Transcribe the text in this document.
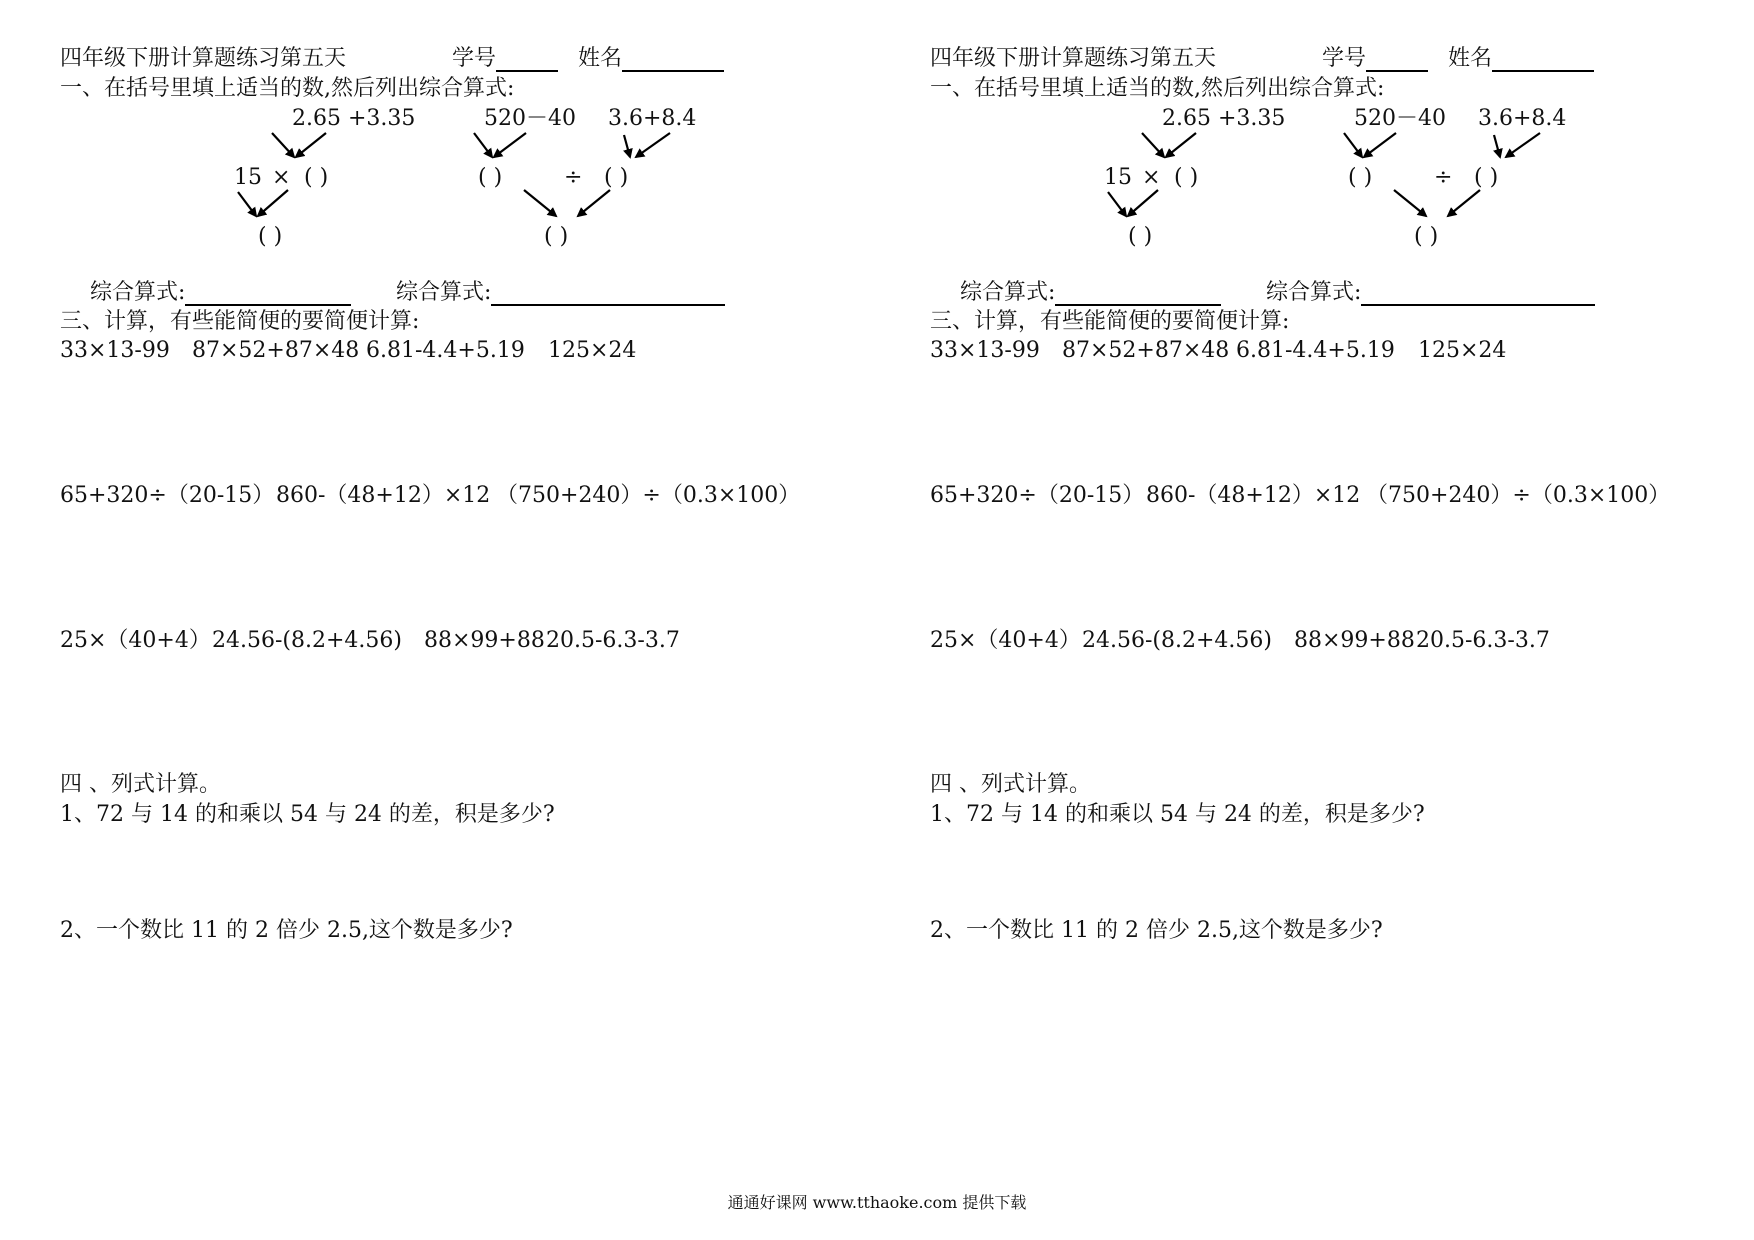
四年级下册计算题练习第五天	学号	姓名
一、在括号里填上适当的数,然后列出综合算式:
2.65 +3.35
15 × ( )
( )
520－40 3.6+8.4
( )	÷ ( )
( )
综合算式:	综合算式:
三、计算，有些能简便的要简便计算:
33×13-99 87×52+87×48 6.81-4.4+5.19 125×24
65+320÷（20-15） 860-（48+12）×12 （750+240）÷（0.3×100）
25×（40+4） 24.56-(8.2+4.56) 88×99+88 20.5-6.3-3.7
四 、列式计算。
1、72 与 14 的和乘以 54 与 24 的差，积是多少?
2、一个数比 11 的 2 倍少 2.5,这个数是多少?
四年级下册计算题练习第五天	学号	姓名
一、在括号里填上适当的数,然后列出综合算式:
2.65 +3.35
15 × ( )
( )
520－40 3.6+8.4
( )	÷ ( )
( )
综合算式:	综合算式:
三、计算，有些能简便的要简便计算:
33×13-99 87×52+87×48 6.81-4.4+5.19 125×24
65+320÷（20-15） 860-（48+12）×12 （750+240）÷（0.3×100）
25×（40+4） 24.56-(8.2+4.56) 88×99+88 20.5-6.3-3.7
四 、列式计算。
1、72 与 14 的和乘以 54 与 24 的差，积是多少?
2、一个数比 11 的 2 倍少 2.5,这个数是多少?
通通好课网 www.tthaoke.com 提供下载
